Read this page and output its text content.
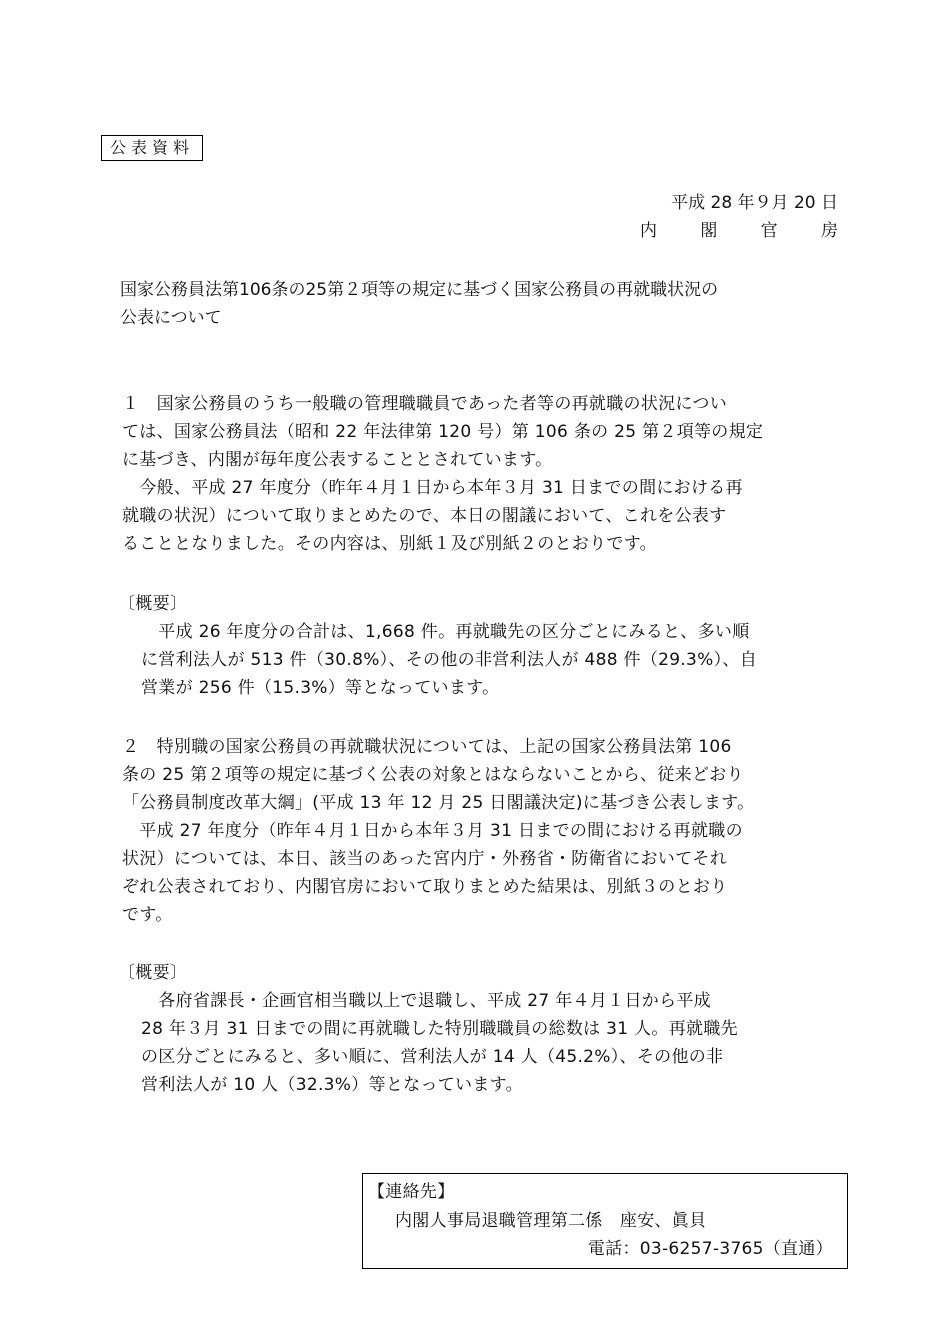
公表資料
平成 28 年９月 20 日
内	閣	官	房
国家公務員法第106条の25第２項等の規定に基づく国家公務員の再就職状況の
公表について
１　国家公務員のうち一般職の管理職職員であった者等の再就職の状況につい
ては、国家公務員法（昭和 22 年法律第 120 号）第 106 条の 25 第２項等の規定
に基づき、内閣が毎年度公表することとされています。
　今般、平成 27 年度分（昨年４月１日から本年３月 31 日までの間における再
就職の状況）について取りまとめたので、本日の閣議において、これを公表す
ることとなりました。その内容は、別紙１及び別紙２のとおりです。
〔概要〕
　平成 26 年度分の合計は、1,668 件。再就職先の区分ごとにみると、多い順
に営利法人が 513 件（30.8%）、その他の非営利法人が 488 件（29.3%）、自
営業が 256 件（15.3%）等となっています。
２　特別職の国家公務員の再就職状況については、上記の国家公務員法第 106
条の 25 第２項等の規定に基づく公表の対象とはならないことから、従来どおり
「公務員制度改革大綱」(平成 13 年 12 月 25 日閣議決定)に基づき公表します。
　平成 27 年度分（昨年４月１日から本年３月 31 日までの間における再就職の
状況）については、本日、該当のあった宮内庁・外務省・防衛省においてそれ
ぞれ公表されており、内閣官房において取りまとめた結果は、別紙３のとおり
です。
〔概要〕
　各府省課長・企画官相当職以上で退職し、平成 27 年４月１日から平成
28 年３月 31 日までの間に再就職した特別職職員の総数は 31 人。再就職先
の区分ごとにみると、多い順に、営利法人が 14 人（45.2%）、その他の非
営利法人が 10 人（32.3%）等となっています。
【連絡先】
内閣人事局退職管理第二係　座安、眞貝
電話：03-6257-3765（直通）
